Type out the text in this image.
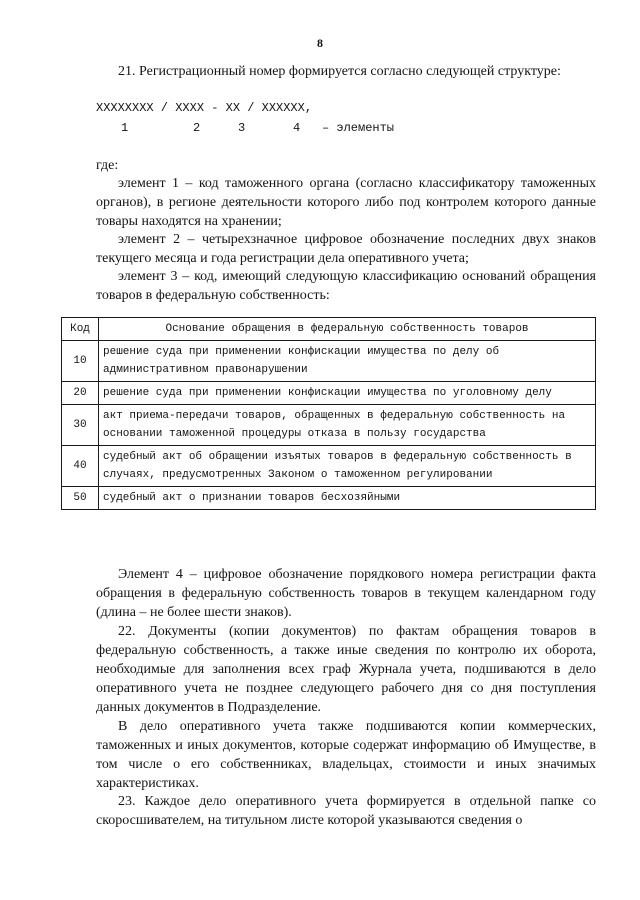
8
21. Регистрационный номер формируется согласно следующей структуре:
XXXXXXXX / XXXX - XX / XXXXXX,
1	2	3	4 – элементы
где:
элемент 1 – код таможенного органа (согласно классификатору таможенных органов), в регионе деятельности которого либо под контролем которого данные товары находятся на хранении;
элемент 2 – четырехзначное цифровое обозначение последних двух знаков текущего месяца и года регистрации дела оперативного учета;
элемент 3 – код, имеющий следующую классификацию оснований обращения товаров в федеральную собственность:
Код	Основание обращения в федеральную собственность товаров
10	решение суда при применении конфискации имущества по делу об административном правонарушении
20	решение суда при применении конфискации имущества по уголовному делу
30	акт приема-передачи товаров, обращенных в федеральную собственность на основании таможенной процедуры отказа в пользу государства
40	судебный акт об обращении изъятых товаров в федеральную собственность в случаях, предусмотренных Законом о таможенном регулировании
50	судебный акт о признании товаров бесхозяйными
Элемент 4 – цифровое обозначение порядкового номера регистрации факта обращения в федеральную собственность товаров в текущем календарном году (длина – не более шести знаков).
22. Документы (копии документов) по фактам обращения товаров в федеральную собственность, а также иные сведения по контролю их оборота, необходимые для заполнения всех граф Журнала учета, подшиваются в дело оперативного учета не позднее следующего рабочего дня со дня поступления данных документов в Подразделение.
В дело оперативного учета также подшиваются копии коммерческих, таможенных и иных документов, которые содержат информацию об Имуществе, в том числе о его собственниках, владельцах, стоимости и иных значимых характеристиках.
23. Каждое дело оперативного учета формируется в отдельной папке со скоросшивателем, на титульном листе которой указываются сведения о
